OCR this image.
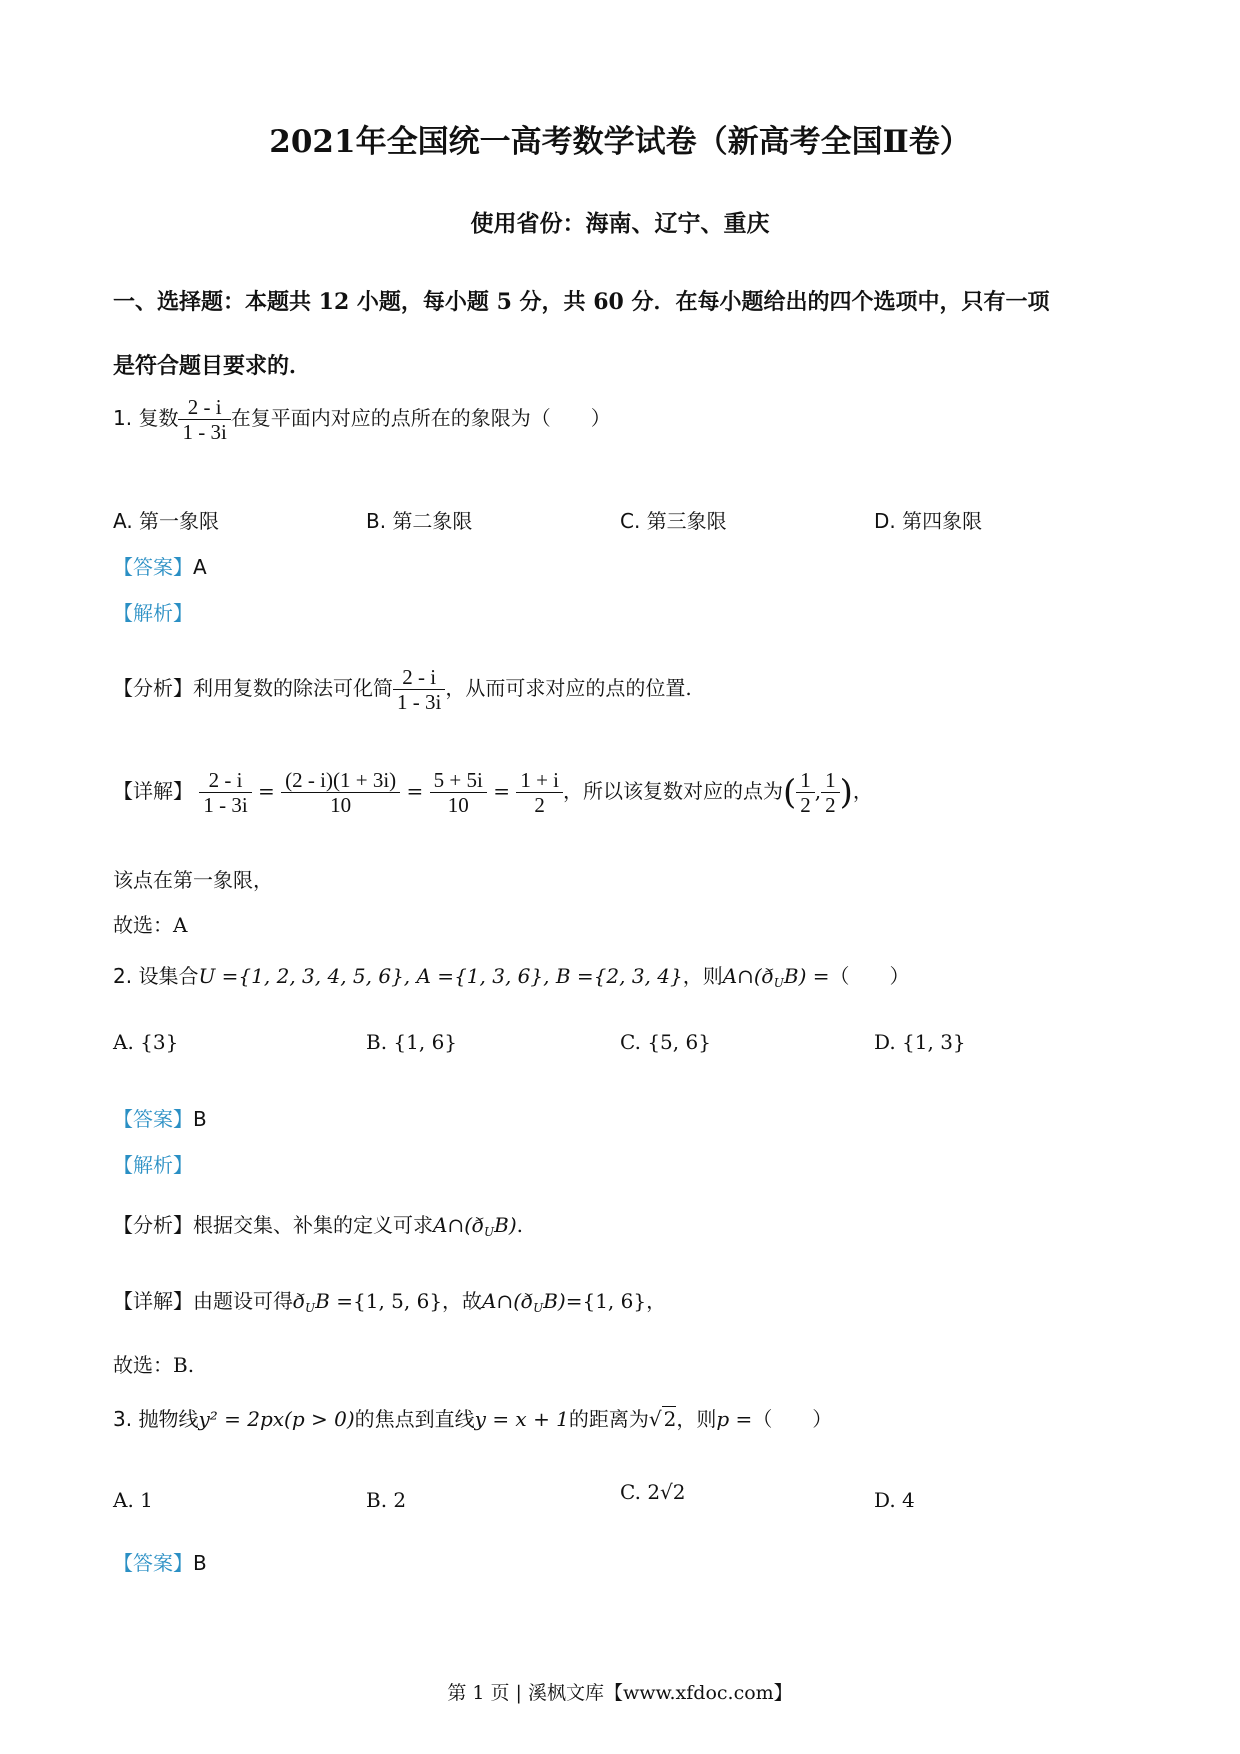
2021年全国统一高考数学试卷（新高考全国Ⅱ卷）
使用省份：海南、辽宁、重庆
一、选择题：本题共 12 小题，每小题 5 分，共 60 分．在每小题给出的四个选项中，只有一项
是符合题目要求的．
1. 复数 $\frac{2 - i}{1 - 3i}$ 在复平面内对应的点所在的象限为（　　）
A. 第一象限	B. 第二象限	C. 第三象限	D. 第四象限
【答案】A
【解析】
【分析】利用复数的除法可化简 $\frac{2 - i}{1 - 3i}$ ，从而可求对应的点的位置.
【详解】 $\frac{2 - i}{1 - 3i} = \frac{(2 - i)(1 + 3i)}{10} = \frac{5 + 5i}{10} = \frac{1 + i}{2}$ ，所以该复数对应的点为( $\frac{1}{2}$ , $\frac{1}{2}$ )，
该点在第一象限，
故选：A
2. 设集合U ={1, 2, 3, 4, 5, 6}, A ={1, 3, 6}, B ={2, 3, 4}，则$A\cap(ð_UB)$ =（　　）
A. {3}	B. {1, 6}	C. {5, 6}	D. {1, 3}
【答案】B
【解析】
【分析】根据交集、补集的定义可求$A\cap(ð_UB)$.
【详解】由题设可得$ð_UB =\{1$, 5, 6}，故$A\cap(ð_UB)=\{1$, 6}，
故选：B.
3. 抛物线y² = 2px(p > 0)的焦点到直线y = x + 1的距离为√ 2，则p =（　　）
A. 1	B. 2	C. 2√2	D. 4
【答案】B
第 1 页 | 溪枫文库【www.xfdoc.com】
